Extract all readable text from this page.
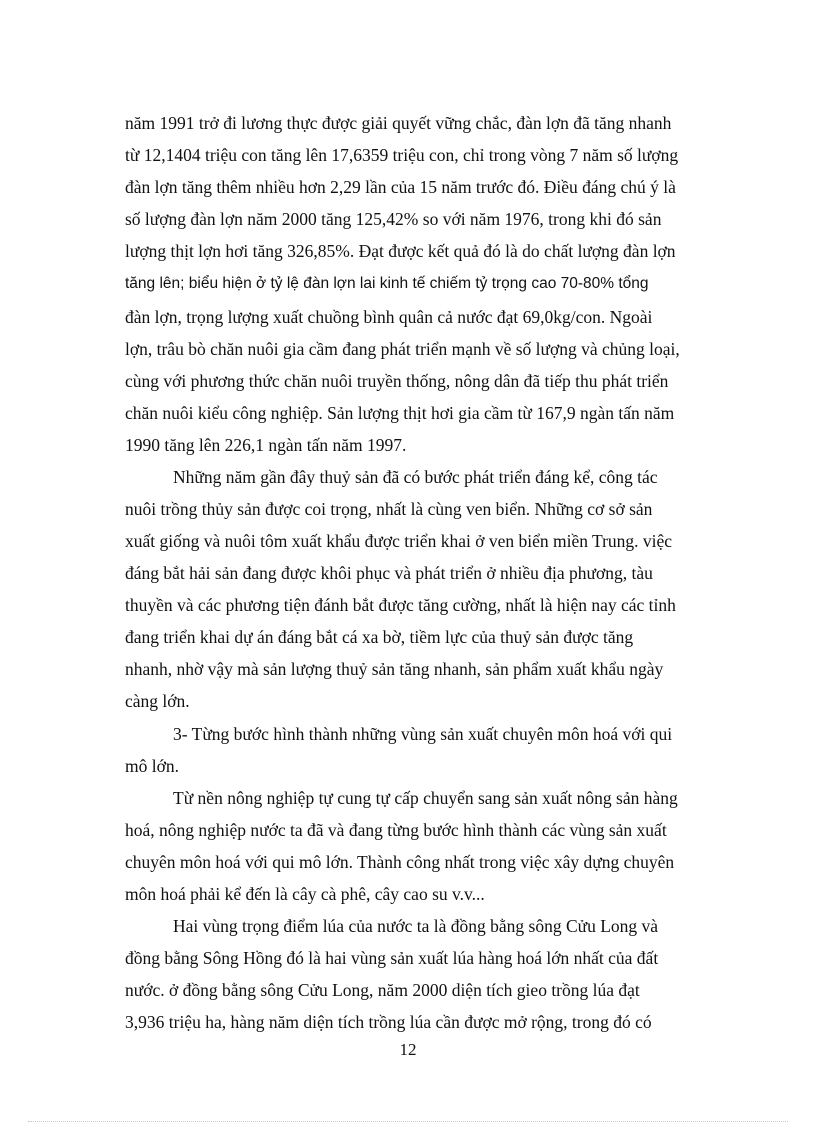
năm 1991 trở đi lương thực được giải quyết vững chắc, đàn lợn đã tăng nhanh
từ 12,1404 triệu con tăng lên 17,6359 triệu con, chỉ trong vòng 7 năm số lượng
đàn lợn tăng thêm nhiều hơn 2,29 lần của 15 năm trước đó. Điều đáng chú ý là
số lượng đàn lợn năm 2000 tăng 125,42% so với năm 1976, trong khi đó sản
lượng thịt lợn hơi tăng 326,85%. Đạt được kết quả đó là do chất lượng đàn lợn
tăng lên; biểu hiện ở tỷ lệ đàn lợn lai kinh tế chiếm tỷ trọng cao 70-80% tổng
đàn lợn, trọng lượng xuất chuồng bình quân cả nước đạt 69,0kg/con. Ngoài
lợn, trâu bò chăn nuôi gia cầm đang phát triển mạnh về số lượng và chủng loại,
cùng với phương thức chăn nuôi truyền thống, nông dân đã tiếp thu phát triển
chăn nuôi kiểu công nghiệp. Sản lượng thịt hơi gia cầm từ 167,9 ngàn tấn năm
1990 tăng lên 226,1 ngàn tấn năm 1997.
Những năm gần đây thuỷ sản đã có bước phát triển đáng kể, công tác
nuôi trồng thủy sản được coi trọng, nhất là cùng ven biển. Những cơ sở sản
xuất giống và nuôi tôm xuất khẩu được triển khai ở ven biển miền Trung. việc
đáng bắt hải sản đang được khôi phục và phát triển ở nhiều địa phương, tàu
thuyền và các phương tiện đánh bắt được tăng cường, nhất là hiện nay các tỉnh
đang triển khai dự án đáng bắt cá xa bờ, tiềm lực của thuỷ sản được tăng
nhanh, nhờ vậy mà sản lượng thuỷ sản tăng nhanh, sản phẩm xuất khẩu ngày
càng lớn.
3- Từng bước hình thành những vùng sản xuất chuyên môn hoá với qui
mô lớn.
Từ nền nông nghiệp tự cung tự cấp chuyển sang sản xuất nông sản hàng
hoá, nông nghiệp nước ta đã và đang từng bước hình thành các vùng sản xuất
chuyên môn hoá với qui mô lớn. Thành công nhất trong việc xây dựng chuyên
môn hoá phải kể đến là cây cà phê, cây cao su v.v...
Hai vùng trọng điểm lúa của nước ta là đồng bằng sông Cửu Long và
đồng bằng Sông Hồng đó là hai vùng sản xuất lúa hàng hoá lớn nhất của đất
nước. ở đồng bằng sông Cửu Long, năm 2000 diện tích gieo trồng lúa đạt
3,936 triệu ha, hàng năm diện tích trồng lúa cần được mở rộng, trong đó có
12
